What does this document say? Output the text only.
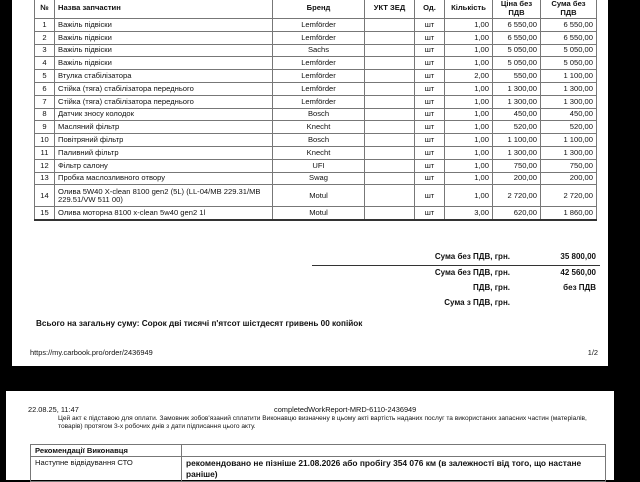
№	Назва запчастин	Бренд	УКТ ЗЕД	Од.	Кількість	Ціна без ПДВ	Сума без ПДВ
1	Важіль підвіски	Lemförder		шт	1,00	6 550,00	6 550,00
2	Важіль підвіски	Lemförder		шт	1,00	6 550,00	6 550,00
3	Важіль підвіски	Sachs		шт	1,00	5 050,00	5 050,00
4	Важіль підвіски	Lemförder		шт	1,00	5 050,00	5 050,00
5	Втулка стабілізатора	Lemförder		шт	2,00	550,00	1 100,00
6	Стійка (тяга) стабілізатора переднього	Lemförder		шт	1,00	1 300,00	1 300,00
7	Стійка (тяга) стабілізатора переднього	Lemförder		шт	1,00	1 300,00	1 300,00
8	Датчик зносу колодок	Bosch		шт	1,00	450,00	450,00
9	Масляний фільтр	Knecht		шт	1,00	520,00	520,00
10	Повітряний фільтр	Bosch		шт	1,00	1 100,00	1 100,00
11	Паливний фільтр	Knecht		шт	1,00	1 300,00	1 300,00
12	Фільтр салону	UFI		шт	1,00	750,00	750,00
13	Пробка маслозливного отвору	Swag		шт	1,00	200,00	200,00
14	Олива 5W40 X-clean 8100 gen2 (5L) (LL-04/MB 229.31/MB 229.51/VW 511 00)	Motul		шт	1,00	2 720,00	2 720,00
15	Олива моторна 8100 x-clean 5w40 gen2 1l	Motul		шт	3,00	620,00	1 860,00

Сума без ПДВ, грн.	35 800,00
Сума без ПДВ, грн.	42 560,00
ПДВ, грн.	без ПДВ
Сума з ПДВ, грн.
Всього на загальну суму: Сорок дві тисячі п'ятсот шістдесят гривень 00 копійок
https://my.carbook.pro/order/2436949	1/2
22.08.25, 11:47	completedWorkReport-MRD-6110-2436949
Цей акт є підставою для оплати. Замовник зобов'язаний сплатити Виконавцю визначену в цьому акті вартість наданих послуг та використаних запасних частин (матеріалів, товарів) протягом 3-х робочих днів з дати підписання цього акту.
Рекомендації Виконавця	
Наступне відвідування СТО	рекомендовано не пізніше 21.08.2026 або пробігу 354 076 км (в залежності від того, що настане раніше)
